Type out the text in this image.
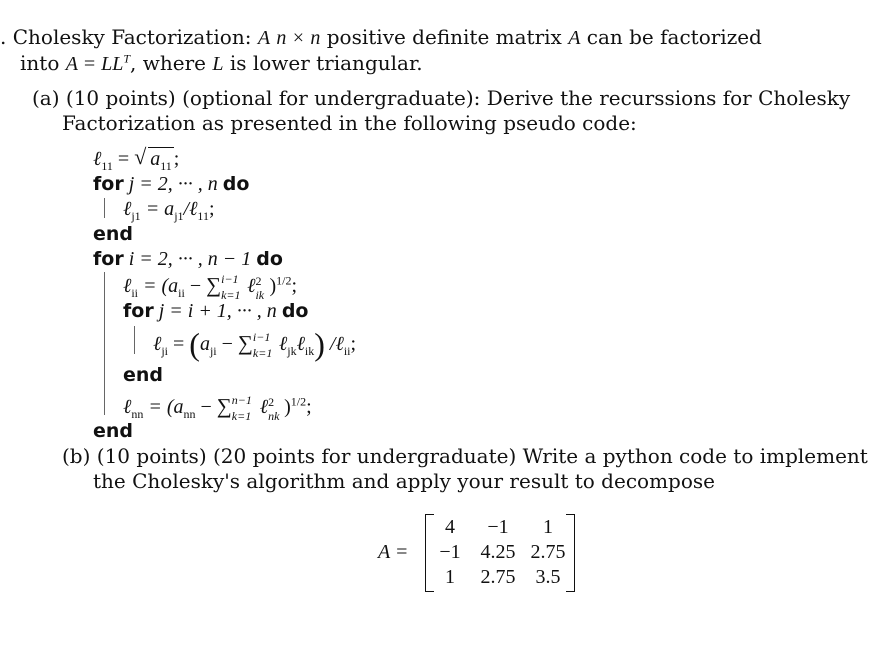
. Cholesky Factorization: A n × n positive definite matrix A can be factorized
into $A = LL^T$, where L is lower triangular.
(a) (10 points) (optional for undergraduate): Derive the recurssions for Cholesky
Factorization as presented in the following pseudo code:
ℓ$_{11}$ = √ $a_{11}$ ;
for j = 2, ··· , n do
ℓ$_{j1}$ = $a_{j1}/\ell_{11}$;
end
for i = 2, ··· , n − 1 do
ℓ$_{ii}$ = ($a_{ii}$ − ∑ i−1
k=1 ℓ 2
ik )$^{1/2}$;
for j = i + 1, ··· , n do
ℓ$_{ji}$ = ($a_{ji}$ − ∑ i−1
k=1 ℓ$_{jk}$ℓ$_{ik}$) /ℓ$_{ii}$;
end
ℓ$_{nn}$ = ($a_{nn}$ − ∑ n−1
k=1 ℓ 2
nk )$^{1/2}$;
end
(b) (10 points) (20 points for undergraduate) Write a python code to implement
the Cholesky's algorithm and apply your result to decompose
A =
4	−1	1
−1 4.25 2.75
1	2.75	3.5
